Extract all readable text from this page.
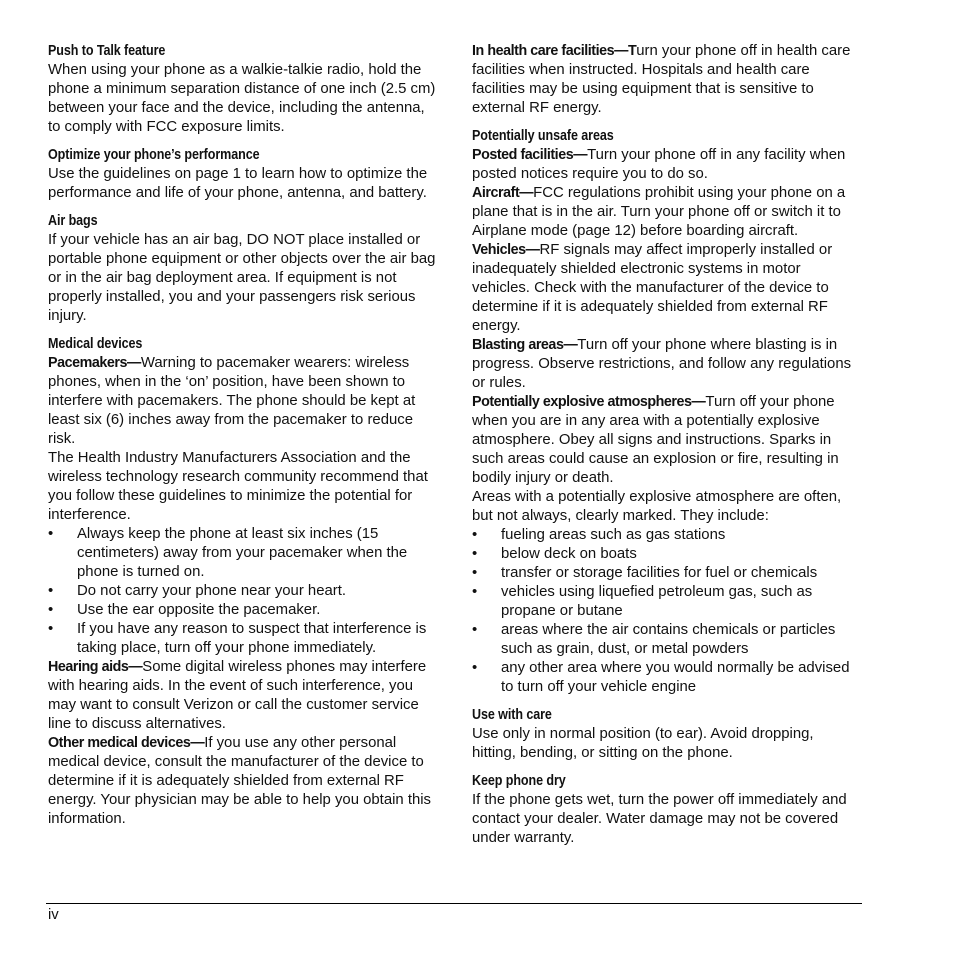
Push to Talk feature

When using your phone as a walkie-talkie radio, hold the phone a minimum separation distance of one inch (2.5 cm) between your face and the device, including the antenna, to comply with FCC exposure limits.

Optimize your phone’s performance

Use the guidelines on page 1 to learn how to optimize the performance and life of your phone, antenna, and battery.

Air bags

If your vehicle has an air bag, DO NOT place installed or portable phone equipment or other objects over the air bag or in the air bag deployment area. If equipment is not properly installed, you and your passengers risk serious injury.

Medical devices

Pacemakers—Warning to pacemaker wearers: wireless phones, when in the ‘on’ position, have been shown to interfere with pacemakers. The phone should be kept at least six (6) inches away from the pacemaker to reduce risk.

The Health Industry Manufacturers Association and the wireless technology research community recommend that you follow these guidelines to minimize the potential for interference.

• Always keep the phone at least six inches (15 centimeters) away from your pacemaker when the phone is turned on.
• Do not carry your phone near your heart.
• Use the ear opposite the pacemaker.
• If you have any reason to suspect that interference is taking place, turn off your phone immediately.

Hearing aids—Some digital wireless phones may interfere with hearing aids. In the event of such interference, you may want to consult Verizon or call the customer service line to discuss alternatives.

Other medical devices—If you use any other personal medical device, consult the manufacturer of the device to determine if it is adequately shielded from external RF energy. Your physician may be able to help you obtain this information.

In health care facilities—Turn your phone off in health care facilities when instructed. Hospitals and health care facilities may be using equipment that is sensitive to external RF energy.

Potentially unsafe areas

Posted facilities—Turn your phone off in any facility when posted notices require you to do so.

Aircraft—FCC regulations prohibit using your phone on a plane that is in the air. Turn your phone off or switch it to Airplane mode (page 12) before boarding aircraft.

Vehicles—RF signals may affect improperly installed or inadequately shielded electronic systems in motor vehicles. Check with the manufacturer of the device to determine if it is adequately shielded from external RF energy.

Blasting areas—Turn off your phone where blasting is in progress. Observe restrictions, and follow any regulations or rules.

Potentially explosive atmospheres—Turn off your phone when you are in any area with a potentially explosive atmosphere. Obey all signs and instructions. Sparks in such areas could cause an explosion or fire, resulting in bodily injury or death.

Areas with a potentially explosive atmosphere are often, but not always, clearly marked. They include:

• fueling areas such as gas stations
• below deck on boats
• transfer or storage facilities for fuel or chemicals
• vehicles using liquefied petroleum gas, such as propane or butane
• areas where the air contains chemicals or particles such as grain, dust, or metal powders
• any other area where you would normally be advised to turn off your vehicle engine
Use with care

Use only in normal position (to ear). Avoid dropping, hitting, bending, or sitting on the phone.

Keep phone dry

If the phone gets wet, turn the power off immediately and contact your dealer. Water damage may not be covered under warranty.

iv
